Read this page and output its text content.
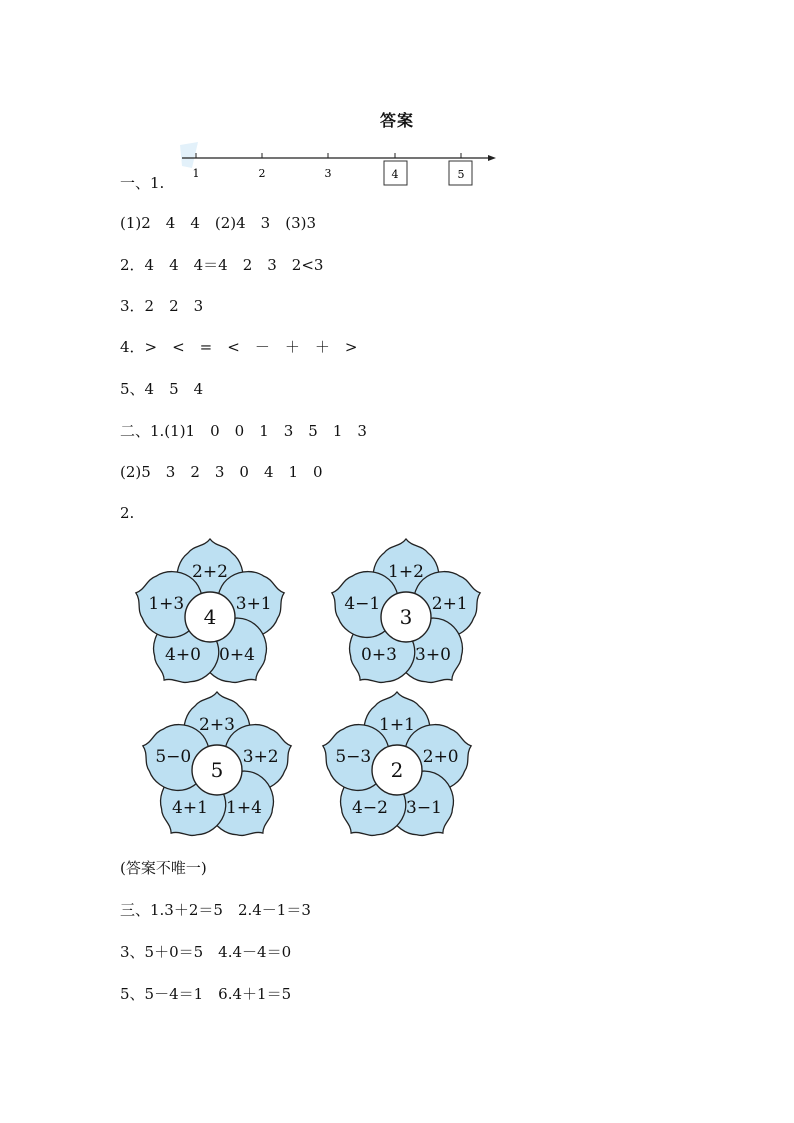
答案
1	2	3	4	5
一、1.
(1)2　4　4　(2)4　3　(3)3
2．4　4　4＝4　2　3　2<3
3．2　2　3
4．>　<　=　<　－　＋　＋　>
5、4　5　4
二、1.(1)1　0　0　1　3　5　1　3
(2)5　3　2　3　0　4　1　0
2.
(答案不唯一)
三、1.3＋2＝5　2.4－1＝3
3、5＋0＝5　4.4－4＝0
5、5－4＝1　6.4＋1＝5
2+2
3+1
0+4
4+0
1+3
4
1+2
2+1
3+0
0+3
4−1
3
2+3
3+2
1+4
4+1
5−0
5
1+1
2+0
3−1
4−2
5−3
2
